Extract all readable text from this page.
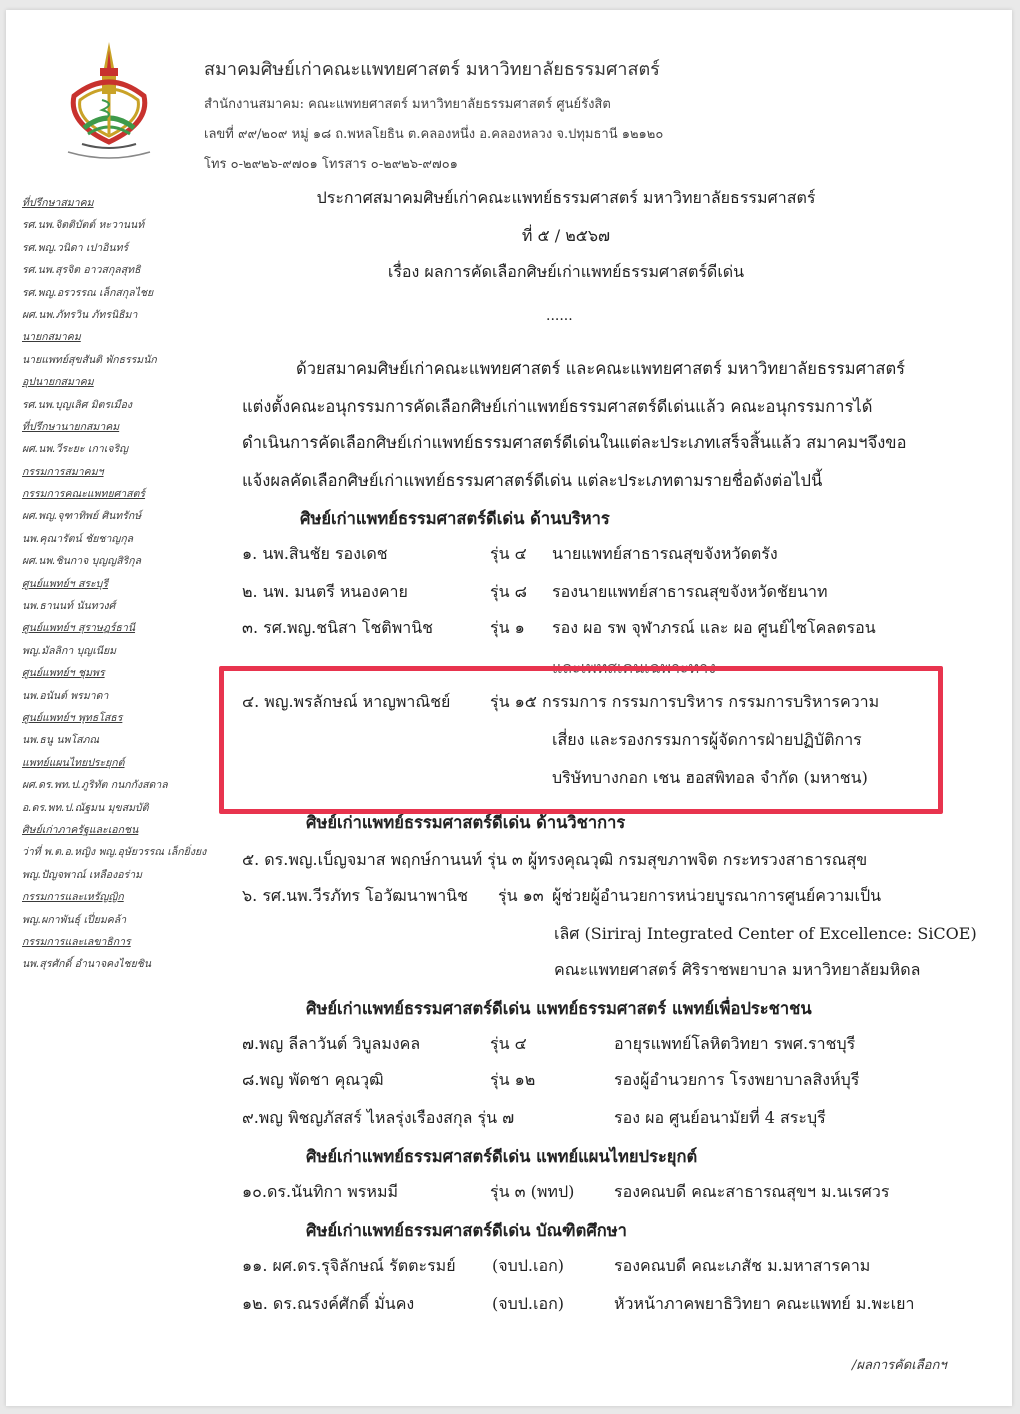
สมาคมศิษย์เก่าคณะแพทยศาสตร์ มหาวิทยาลัยธรรมศาสตร์
สำนักงานสมาคม: คณะแพทยศาสตร์ มหาวิทยาลัยธรรมศาสตร์ ศูนย์รังสิต
เลขที่ ๙๙/๒๐๙ หมู่ ๑๘ ถ.พหลโยธิน ต.คลองหนึ่ง อ.คลองหลวง จ.ปทุมธานี ๑๒๑๒๐
โทร ๐-๒๙๒๖-๙๗๐๑ โทรสาร ๐-๒๙๒๖-๙๗๐๑
ที่ปรึกษาสมาคม
รศ.นพ.จิตติบัตต์ หะวานนท์
รศ.พญ.วนิดา เปาอินทร์
รศ.นพ.สุรจิต อาวสกุลสุทธิ
รศ.พญ.อรวรรณ เล็กสกุลไชย
ผศ.นพ.ภัทรวิน ภัทรนิธิมา
นายกสมาคม
นายแพทย์สุขสันติ พักธรรมนัก
อุปนายกสมาคม
รศ.นพ.บุญเลิศ มิตรเมือง
ที่ปรึกษานายกสมาคม
ผศ.นพ.วีระยะ เกาเจริญ
กรรมการสมาคมฯ
กรรมการคณะแพทยศาสตร์
ผศ.พญ.จุฑาทิพย์ ศินทรักษ์
นพ.คุณารัตน์ ชัยชาญกุล
ผศ.นพ.ชินกาจ บุญญสิริกุล
ศูนย์แพทย์ฯ สระบุรี
นพ.ธานนท์ นันทวงศ์
ศูนย์แพทย์ฯ สุราษฎร์ธานี
พญ.มัลลิกา บุญเนียม
ศูนย์แพทย์ฯ ชุมพร
นพ.อนันต์ พรมาดา
ศูนย์แพทย์ฯ พุทธโสธร
นพ.ธนู นพโสภณ
แพทย์แผนไทยประยุกต์
ผศ.ดร.พท.ป.ภูริทัต กนกกังสดาล
อ.ดร.พท.ป.ณัฐมน มุขสมบัติ
ศิษย์เก่าภาครัฐและเอกชน
ว่าที่ พ.ต.อ.หญิง พญ.อุษัยวรรณ เล็กยิ่งยง
พญ.ปัญจพาณ์ เหลืองอร่าม
กรรมการและเหรัญญิก
พญ.ผกาพันธุ์ เปี่ยมคล้า
กรรมการและเลขาธิการ
นพ.สุรศักดิ์ อำนาจคงไชยชิน
ประกาศสมาคมศิษย์เก่าคณะแพทย์ธรรมศาสตร์ มหาวิทยาลัยธรรมศาสตร์
ที่ ๕ / ๒๕๖๗
เรื่อง ผลการคัดเลือกศิษย์เก่าแพทย์ธรรมศาสตร์ดีเด่น
......
ด้วยสมาคมศิษย์เก่าคณะแพทยศาสตร์ และคณะแพทยศาสตร์ มหาวิทยาลัยธรรมศาสตร์
แต่งตั้งคณะอนุกรรมการคัดเลือกศิษย์เก่าแพทย์ธรรมศาสตร์ดีเด่นแล้ว คณะอนุกรรมการได้
ดำเนินการคัดเลือกศิษย์เก่าแพทย์ธรรมศาสตร์ดีเด่นในแต่ละประเภทเสร็จสิ้นแล้ว สมาคมฯจึงขอ
แจ้งผลคัดเลือกศิษย์เก่าแพทย์ธรรมศาสตร์ดีเด่น แต่ละประเภทตามรายชื่อดังต่อไปนี้
ศิษย์เก่าแพทย์ธรรมศาสตร์ดีเด่น ด้านบริหาร
๑. นพ.สินชัย รองเดช	รุ่น ๔ นายแพทย์สาธารณสุขจังหวัดตรัง
๒. นพ. มนตรี หนองคาย	รุ่น ๘ รองนายแพทย์สาธารณสุขจังหวัดชัยนาท
๓. รศ.พญ.ชนิสา โชติพานิช	รุ่น ๑ รอง ผอ รพ จุฬาภรณ์ และ ผอ ศูนย์ไซโคลตรอน
และเพทสเคนเฉพาะทาง
๔. พญ.พรลักษณ์ หาญพาณิชย์ รุ่น ๑๕ กรรมการ กรรมการบริหาร กรรมการบริหารความ
เสี่ยง และรองกรรมการผู้จัดการฝ่ายปฏิบัติการ
บริษัทบางกอก เชน ฮอสพิทอล จำกัด (มหาชน)
ศิษย์เก่าแพทย์ธรรมศาสตร์ดีเด่น ด้านวิชาการ
๕. ดร.พญ.เบ็ญจมาส พฤกษ์กานนท์ รุ่น ๓ ผู้ทรงคุณวุฒิ กรมสุขภาพจิต กระทรวงสาธารณสุข
๖. รศ.นพ.วีรภัทร โอวัฒนาพานิช รุ่น ๑๓ ผู้ช่วยผู้อำนวยการหน่วยบูรณาการศูนย์ความเป็น
เลิศ (Siriraj Integrated Center of Excellence: SiCOE)
คณะแพทยศาสตร์ ศิริราชพยาบาล มหาวิทยาลัยมหิดล
ศิษย์เก่าแพทย์ธรรมศาสตร์ดีเด่น แพทย์ธรรมศาสตร์ แพทย์เพื่อประชาชน
๗.พญ ลีลาวันต์ วิบูลมงคล	รุ่น ๔	อายุรแพทย์โลหิตวิทยา รพศ.ราชบุรี
๘.พญ พัดชา คุณวุฒิ	รุ่น ๑๒	รองผู้อำนวยการ โรงพยาบาลสิงห์บุรี
๙.พญ พิชญภัสสร์ ไหลรุ่งเรืองสกุล รุ่น ๗	รอง ผอ ศูนย์อนามัยที่ 4 สระบุรี
ศิษย์เก่าแพทย์ธรรมศาสตร์ดีเด่น แพทย์แผนไทยประยุกต์
๑๐.ดร.นันทิกา พรหมมี	รุ่น ๓ (พทป) รองคณบดี คณะสาธารณสุขฯ ม.นเรศวร
ศิษย์เก่าแพทย์ธรรมศาสตร์ดีเด่น บัณฑิตศึกษา
๑๑. ผศ.ดร.รุจิลักษณ์ รัตตะรมย์ (จบป.เอก)	รองคณบดี คณะเภสัช ม.มหาสารคาม
๑๒. ดร.ณรงค์ศักดิ์ มั่นคง	(จบป.เอก)	หัวหน้าภาคพยาธิวิทยา คณะแพทย์ ม.พะเยา
/ผลการคัดเลือกฯ
